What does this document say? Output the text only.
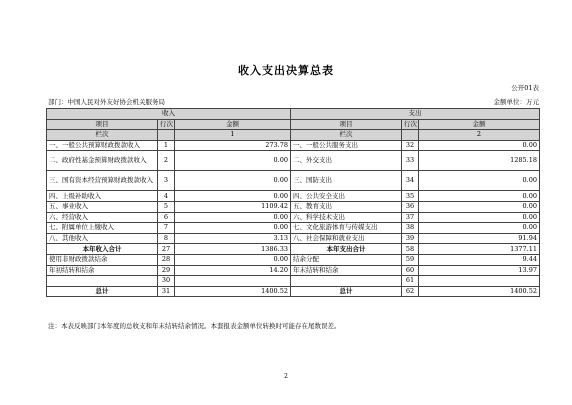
收入支出决算总表
公开01表
部门：中国人民对外友好协会机关服务局	金额单位：万元
收入			支出		
项目	行次	金额	项目	行次	金额
栏次		1	栏次		2
一、一般公共预算财政拨款收入	1	273.78	一、一般公共服务支出	32	0.00
二、政府性基金预算财政拨款收入	2	0.00	二、外交支出	33	1285.18
三、国有资本经营预算财政拨款收入	3	0.00	三、国防支出	34	0.00
四、上级补助收入	4	0.00	四、公共安全支出	35	0.00
五、事业收入	5	1109.42	五、教育支出	36	0.00
六、经营收入	6	0.00	六、科学技术支出	37	0.00
七、附属单位上缴收入	7	0.00	七、文化旅游体育与传媒支出	38	0.00
八、其他收入	8	3.13	八、社会保障和就业支出	39	91.94
本年收入合计	27	1386.33	本年支出合计	58	1377.11
使用非财政拨款结余	28	0.00	结余分配	59	9.44
年初结转和结余	29	14.20	年末结转和结余	60	13.97
	30			61	
总计	31	1400.52	总计	62	1400.52
注：本表反映部门本年度的总收支和年末结转结余情况。本套报表金额单位转换时可能存在尾数误差。
2
